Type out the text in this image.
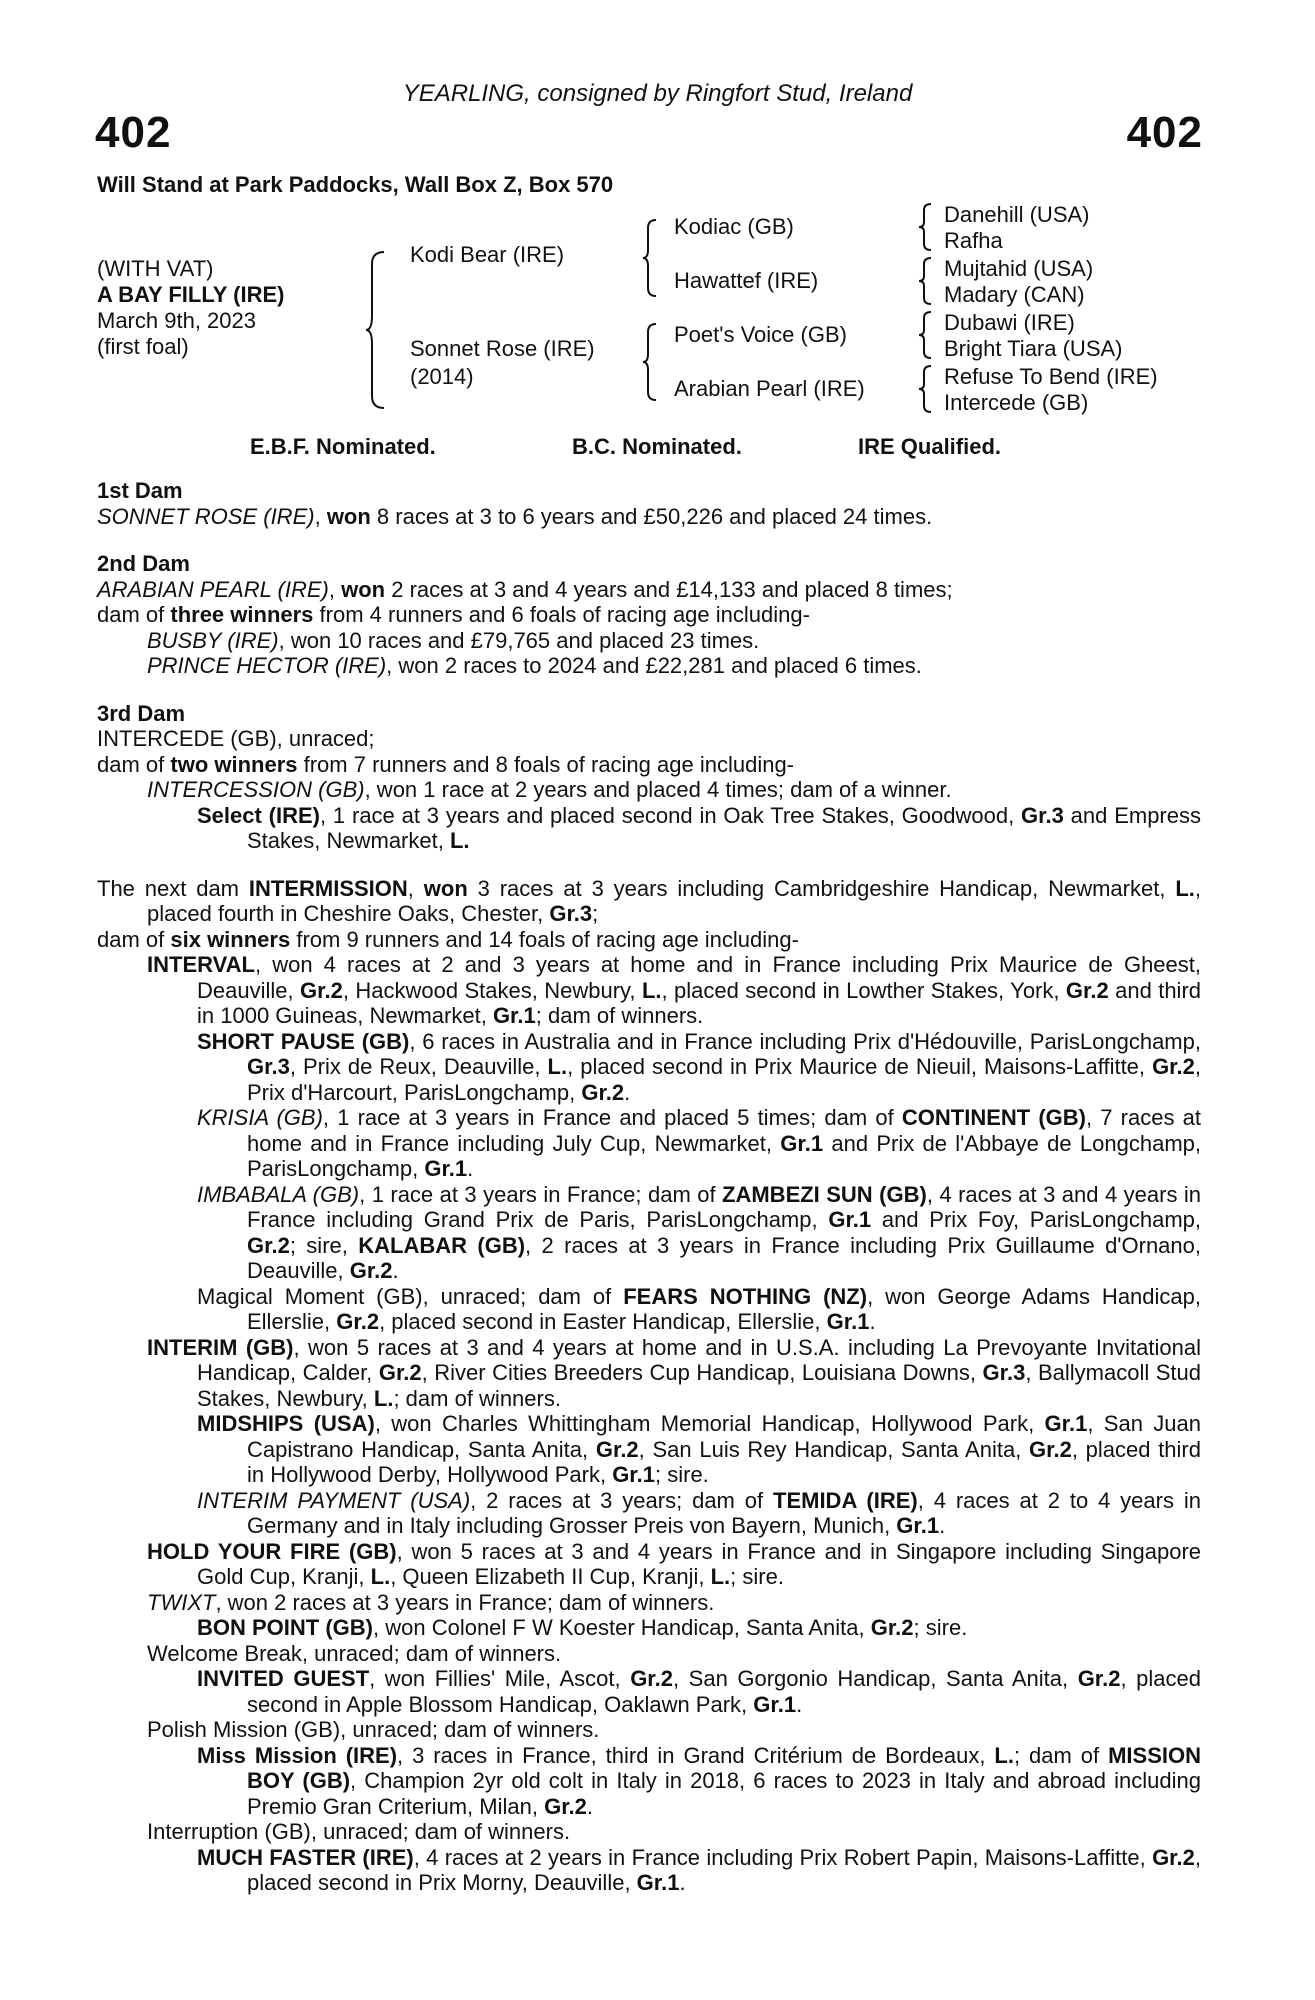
YEARLING, consigned by Ringfort Stud, Ireland
402	402
Will Stand at Park Paddocks, Wall Box Z, Box 570
(WITH VAT)
A BAY FILLY (IRE)
March 9th, 2023
(first foal)
Kodi Bear (IRE)
Sonnet Rose (IRE)
(2014)
Kodiac (GB)
Hawattef (IRE)
Poet's Voice (GB)
Arabian Pearl (IRE)
Danehill (USA)
Rafha
Mujtahid (USA)
Madary (CAN)
Dubawi (IRE)
Bright Tiara (USA)
Refuse To Bend (IRE)
Intercede (GB)
E.B.F. Nominated.	B.C. Nominated.	IRE Qualified.
1st Dam

SONNET ROSE (IRE), won 8 races at 3 to 6 years and £50,226 and placed 24 times.

2nd Dam

ARABIAN PEARL (IRE), won 2 races at 3 and 4 years and £14,133 and placed 8 times;

dam of three winners from 4 runners and 6 foals of racing age including-

BUSBY (IRE), won 10 races and £79,765 and placed 23 times.

PRINCE HECTOR (IRE), won 2 races to 2024 and £22,281 and placed 6 times.

3rd Dam

INTERCEDE (GB), unraced;

dam of two winners from 7 runners and 8 foals of racing age including-

INTERCESSION (GB), won 1 race at 2 years and placed 4 times; dam of a winner.

Select (IRE), 1 race at 3 years and placed second in Oak Tree Stakes, Goodwood, Gr.3 and Empress Stakes, Newmarket, L.

The next dam INTERMISSION, won 3 races at 3 years including Cambridgeshire Handicap, Newmarket, L., placed fourth in Cheshire Oaks, Chester, Gr.3;

dam of six winners from 9 runners and 14 foals of racing age including-

INTERVAL, won 4 races at 2 and 3 years at home and in France including Prix Maurice de Gheest, Deauville, Gr.2, Hackwood Stakes, Newbury, L., placed second in Lowther Stakes, York, Gr.2 and third in 1000 Guineas, Newmarket, Gr.1; dam of winners.

SHORT PAUSE (GB), 6 races in Australia and in France including Prix d'Hédouville, ParisLongchamp, Gr.3, Prix de Reux, Deauville, L., placed second in Prix Maurice de Nieuil, Maisons-Laffitte, Gr.2, Prix d'Harcourt, ParisLongchamp, Gr.2.

KRISIA (GB), 1 race at 3 years in France and placed 5 times; dam of CONTINENT (GB), 7 races at home and in France including July Cup, Newmarket, Gr.1 and Prix de l'Abbaye de Longchamp, ParisLongchamp, Gr.1.

IMBABALA (GB), 1 race at 3 years in France; dam of ZAMBEZI SUN (GB), 4 races at 3 and 4 years in France including Grand Prix de Paris, ParisLongchamp, Gr.1 and Prix Foy, ParisLongchamp, Gr.2; sire, KALABAR (GB), 2 races at 3 years in France including Prix Guillaume d'Ornano, Deauville, Gr.2.

Magical Moment (GB), unraced; dam of FEARS NOTHING (NZ), won George Adams Handicap, Ellerslie, Gr.2, placed second in Easter Handicap, Ellerslie, Gr.1.

INTERIM (GB), won 5 races at 3 and 4 years at home and in U.S.A. including La Prevoyante Invitational Handicap, Calder, Gr.2, River Cities Breeders Cup Handicap, Louisiana Downs, Gr.3, Ballymacoll Stud Stakes, Newbury, L.; dam of winners.

MIDSHIPS (USA), won Charles Whittingham Memorial Handicap, Hollywood Park, Gr.1, San Juan Capistrano Handicap, Santa Anita, Gr.2, San Luis Rey Handicap, Santa Anita, Gr.2, placed third in Hollywood Derby, Hollywood Park, Gr.1; sire.

INTERIM PAYMENT (USA), 2 races at 3 years; dam of TEMIDA (IRE), 4 races at 2 to 4 years in Germany and in Italy including Grosser Preis von Bayern, Munich, Gr.1.

HOLD YOUR FIRE (GB), won 5 races at 3 and 4 years in France and in Singapore including Singapore Gold Cup, Kranji, L., Queen Elizabeth II Cup, Kranji, L.; sire.

TWIXT, won 2 races at 3 years in France; dam of winners.

BON POINT (GB), won Colonel F W Koester Handicap, Santa Anita, Gr.2; sire.

Welcome Break, unraced; dam of winners.

INVITED GUEST, won Fillies' Mile, Ascot, Gr.2, San Gorgonio Handicap, Santa Anita, Gr.2, placed second in Apple Blossom Handicap, Oaklawn Park, Gr.1.

Polish Mission (GB), unraced; dam of winners.

Miss Mission (IRE), 3 races in France, third in Grand Critérium de Bordeaux, L.; dam of MISSION BOY (GB), Champion 2yr old colt in Italy in 2018, 6 races to 2023 in Italy and abroad including Premio Gran Criterium, Milan, Gr.2.

Interruption (GB), unraced; dam of winners.

MUCH FASTER (IRE), 4 races at 2 years in France including Prix Robert Papin, Maisons-Laffitte, Gr.2, placed second in Prix Morny, Deauville, Gr.1.
